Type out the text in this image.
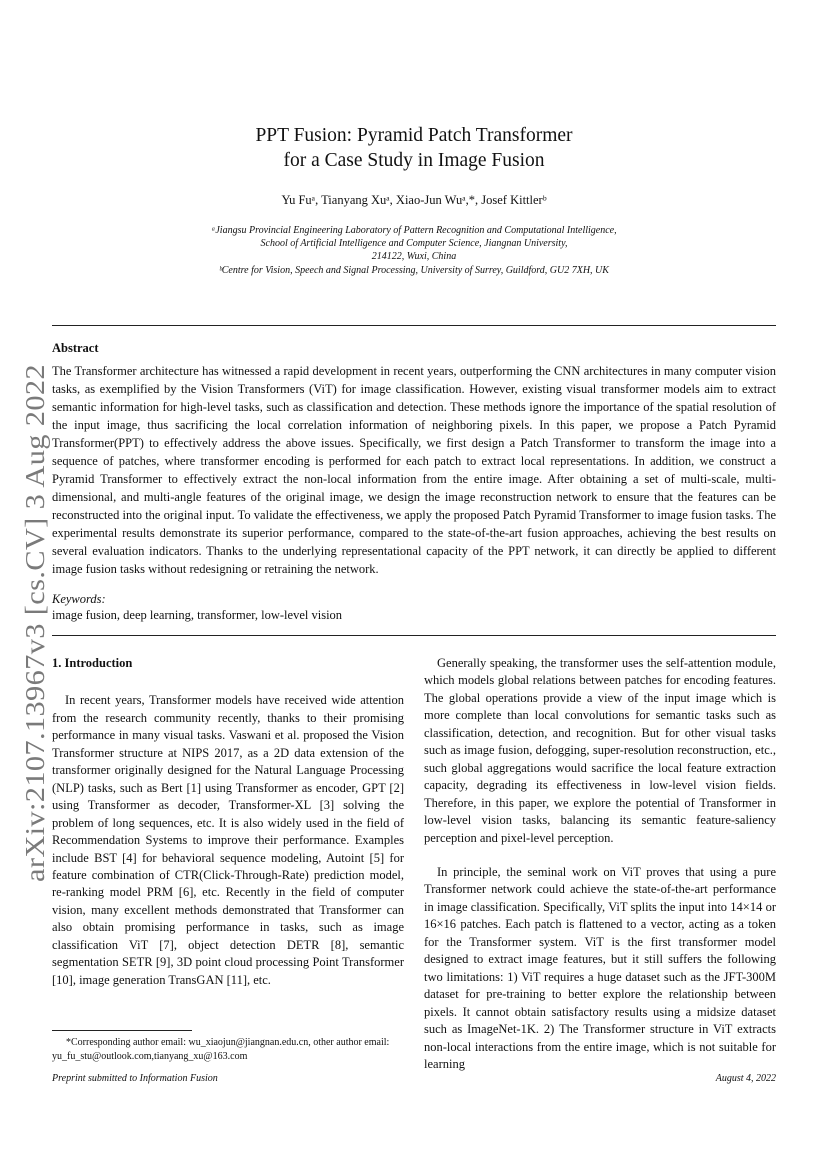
arXiv:2107.13967v3 [cs.CV] 3 Aug 2022
PPT Fusion: Pyramid Patch Transformer
for a Case Study in Image Fusion
Yu Fuᵃ, Tianyang Xuᵃ, Xiao-Jun Wuᵃ,*, Josef Kittlerᵇ

ᵃJiangsu Provincial Engineering Laboratory of Pattern Recognition and Computational Intelligence,

School of Artificial Intelligence and Computer Science, Jiangnan University,

214122, Wuxi, China

ᵇCentre for Vision, Speech and Signal Processing, University of Surrey, Guildford, GU2 7XH, UK

Abstract
The Transformer architecture has witnessed a rapid development in recent years, outperforming the CNN architectures in many computer vision tasks, as exemplified by the Vision Transformers (ViT) for image classification. However, existing visual transformer models aim to extract semantic information for high-level tasks, such as classification and detection. These methods ignore the importance of the spatial resolution of the input image, thus sacrificing the local correlation information of neighboring pixels. In this paper, we propose a Patch Pyramid Transformer(PPT) to effectively address the above issues. Specifically, we first design a Patch Transformer to transform the image into a sequence of patches, where transformer encoding is performed for each patch to extract local representations. In addition, we construct a Pyramid Transformer to effectively extract the non-local information from the entire image. After obtaining a set of multi-scale, multi-dimensional, and multi-angle features of the original image, we design the image reconstruction network to ensure that the features can be reconstructed into the original input. To validate the effectiveness, we apply the proposed Patch Pyramid Transformer to image fusion tasks. The experimental results demonstrate its superior performance, compared to the state-of-the-art fusion approaches, achieving the best results on several evaluation indicators. Thanks to the underlying representational capacity of the PPT network, it can directly be applied to different image fusion tasks without redesigning or retraining the network.
Keywords:
image fusion, deep learning, transformer, low-level vision

1. Introduction

In recent years, Transformer models have received wide attention from the research community recently, thanks to their promising performance in many visual tasks. Vaswani et al. proposed the Vision Transformer structure at NIPS 2017, as a 2D data extension of the transformer originally designed for the Natural Language Processing (NLP) tasks, such as Bert [1] using Transformer as encoder, GPT [2] using Transformer as decoder, Transformer-XL [3] solving the problem of long sequences, etc. It is also widely used in the field of Recommendation Systems to improve their performance. Examples include BST [4] for behavioral sequence modeling, Autoint [5] for feature combination of CTR(Click-Through-Rate) prediction model, re-ranking model PRM [6], etc. Recently in the field of computer vision, many excellent methods demonstrated that Transformer can also obtain promising performance in tasks, such as image classification ViT [7], object detection DETR [8], semantic segmentation SETR [9], 3D point cloud processing Point Transformer [10], image generation TransGAN [11], etc.

Generally speaking, the transformer uses the self-attention module, which models global relations between patches for encoding features. The global operations provide a view of the input image which is more complete than local convolutions for semantic tasks such as classification, detection, and recognition. But for other visual tasks such as image fusion, defogging, super-resolution reconstruction, etc., such global aggregations would sacrifice the local feature extraction capacity, degrading its effectiveness in low-level vision fields. Therefore, in this paper, we explore the potential of Transformer in low-level vision tasks, balancing its semantic feature-saliency perception and pixel-level perception.

In principle, the seminal work on ViT proves that using a pure Transformer network could achieve the state-of-the-art performance in image classification. Specifically, ViT splits the input into 14×14 or 16×16 patches. Each patch is flattened to a vector, acting as a token for the Transformer system. ViT is the first transformer model designed to extract image features, but it still suffers the following two limitations: 1) ViT requires a huge dataset such as the JFT-300M dataset for pre-training to better explore the relationship between pixels. It cannot obtain satisfactory results using a midsize dataset such as ImageNet-1K. 2) The Transformer structure in ViT extracts non-local interactions from the entire image, which is not suitable for learning

*Corresponding author email: wu_xiaojun@jiangnan.edu.cn, other author email: yu_fu_stu@outlook.com,tianyang_xu@163.com
Preprint submitted to Information Fusion	August 4, 2022
